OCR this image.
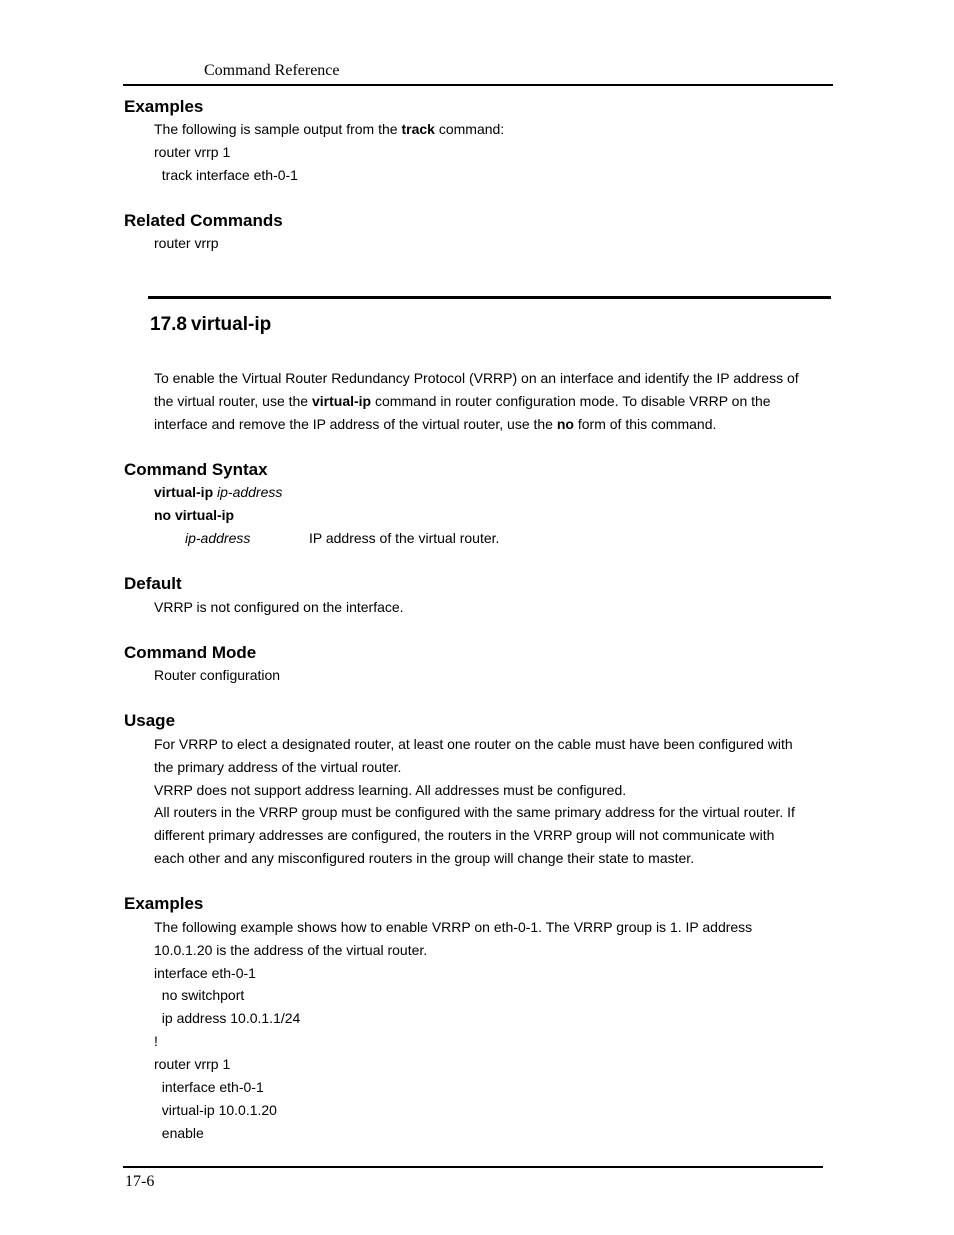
Command Reference
Examples
The following is sample output from the track command:
router vrrp 1
track interface eth-0-1
Related Commands
router vrrp
17.8 virtual-ip
To enable the Virtual Router Redundancy Protocol (VRRP) on an interface and identify the IP address of
the virtual router, use the virtual-ip command in router configuration mode. To disable VRRP on the
interface and remove the IP address of the virtual router, use the no form of this command.
Command Syntax
virtual-ip ip-address
no virtual-ip
ip-address	IP address of the virtual router.
Default
VRRP is not configured on the interface.
Command Mode
Router configuration
Usage
For VRRP to elect a designated router, at least one router on the cable must have been configured with
the primary address of the virtual router.
VRRP does not support address learning. All addresses must be configured.
All routers in the VRRP group must be configured with the same primary address for the virtual router. If
different primary addresses are configured, the routers in the VRRP group will not communicate with
each other and any misconfigured routers in the group will change their state to master.
Examples
The following example shows how to enable VRRP on eth-0-1. The VRRP group is 1. IP address
10.0.1.20 is the address of the virtual router.
interface eth-0-1
no switchport
ip address 10.0.1.1/24
!
router vrrp 1
interface eth-0-1
virtual-ip 10.0.1.20
enable
17-6
